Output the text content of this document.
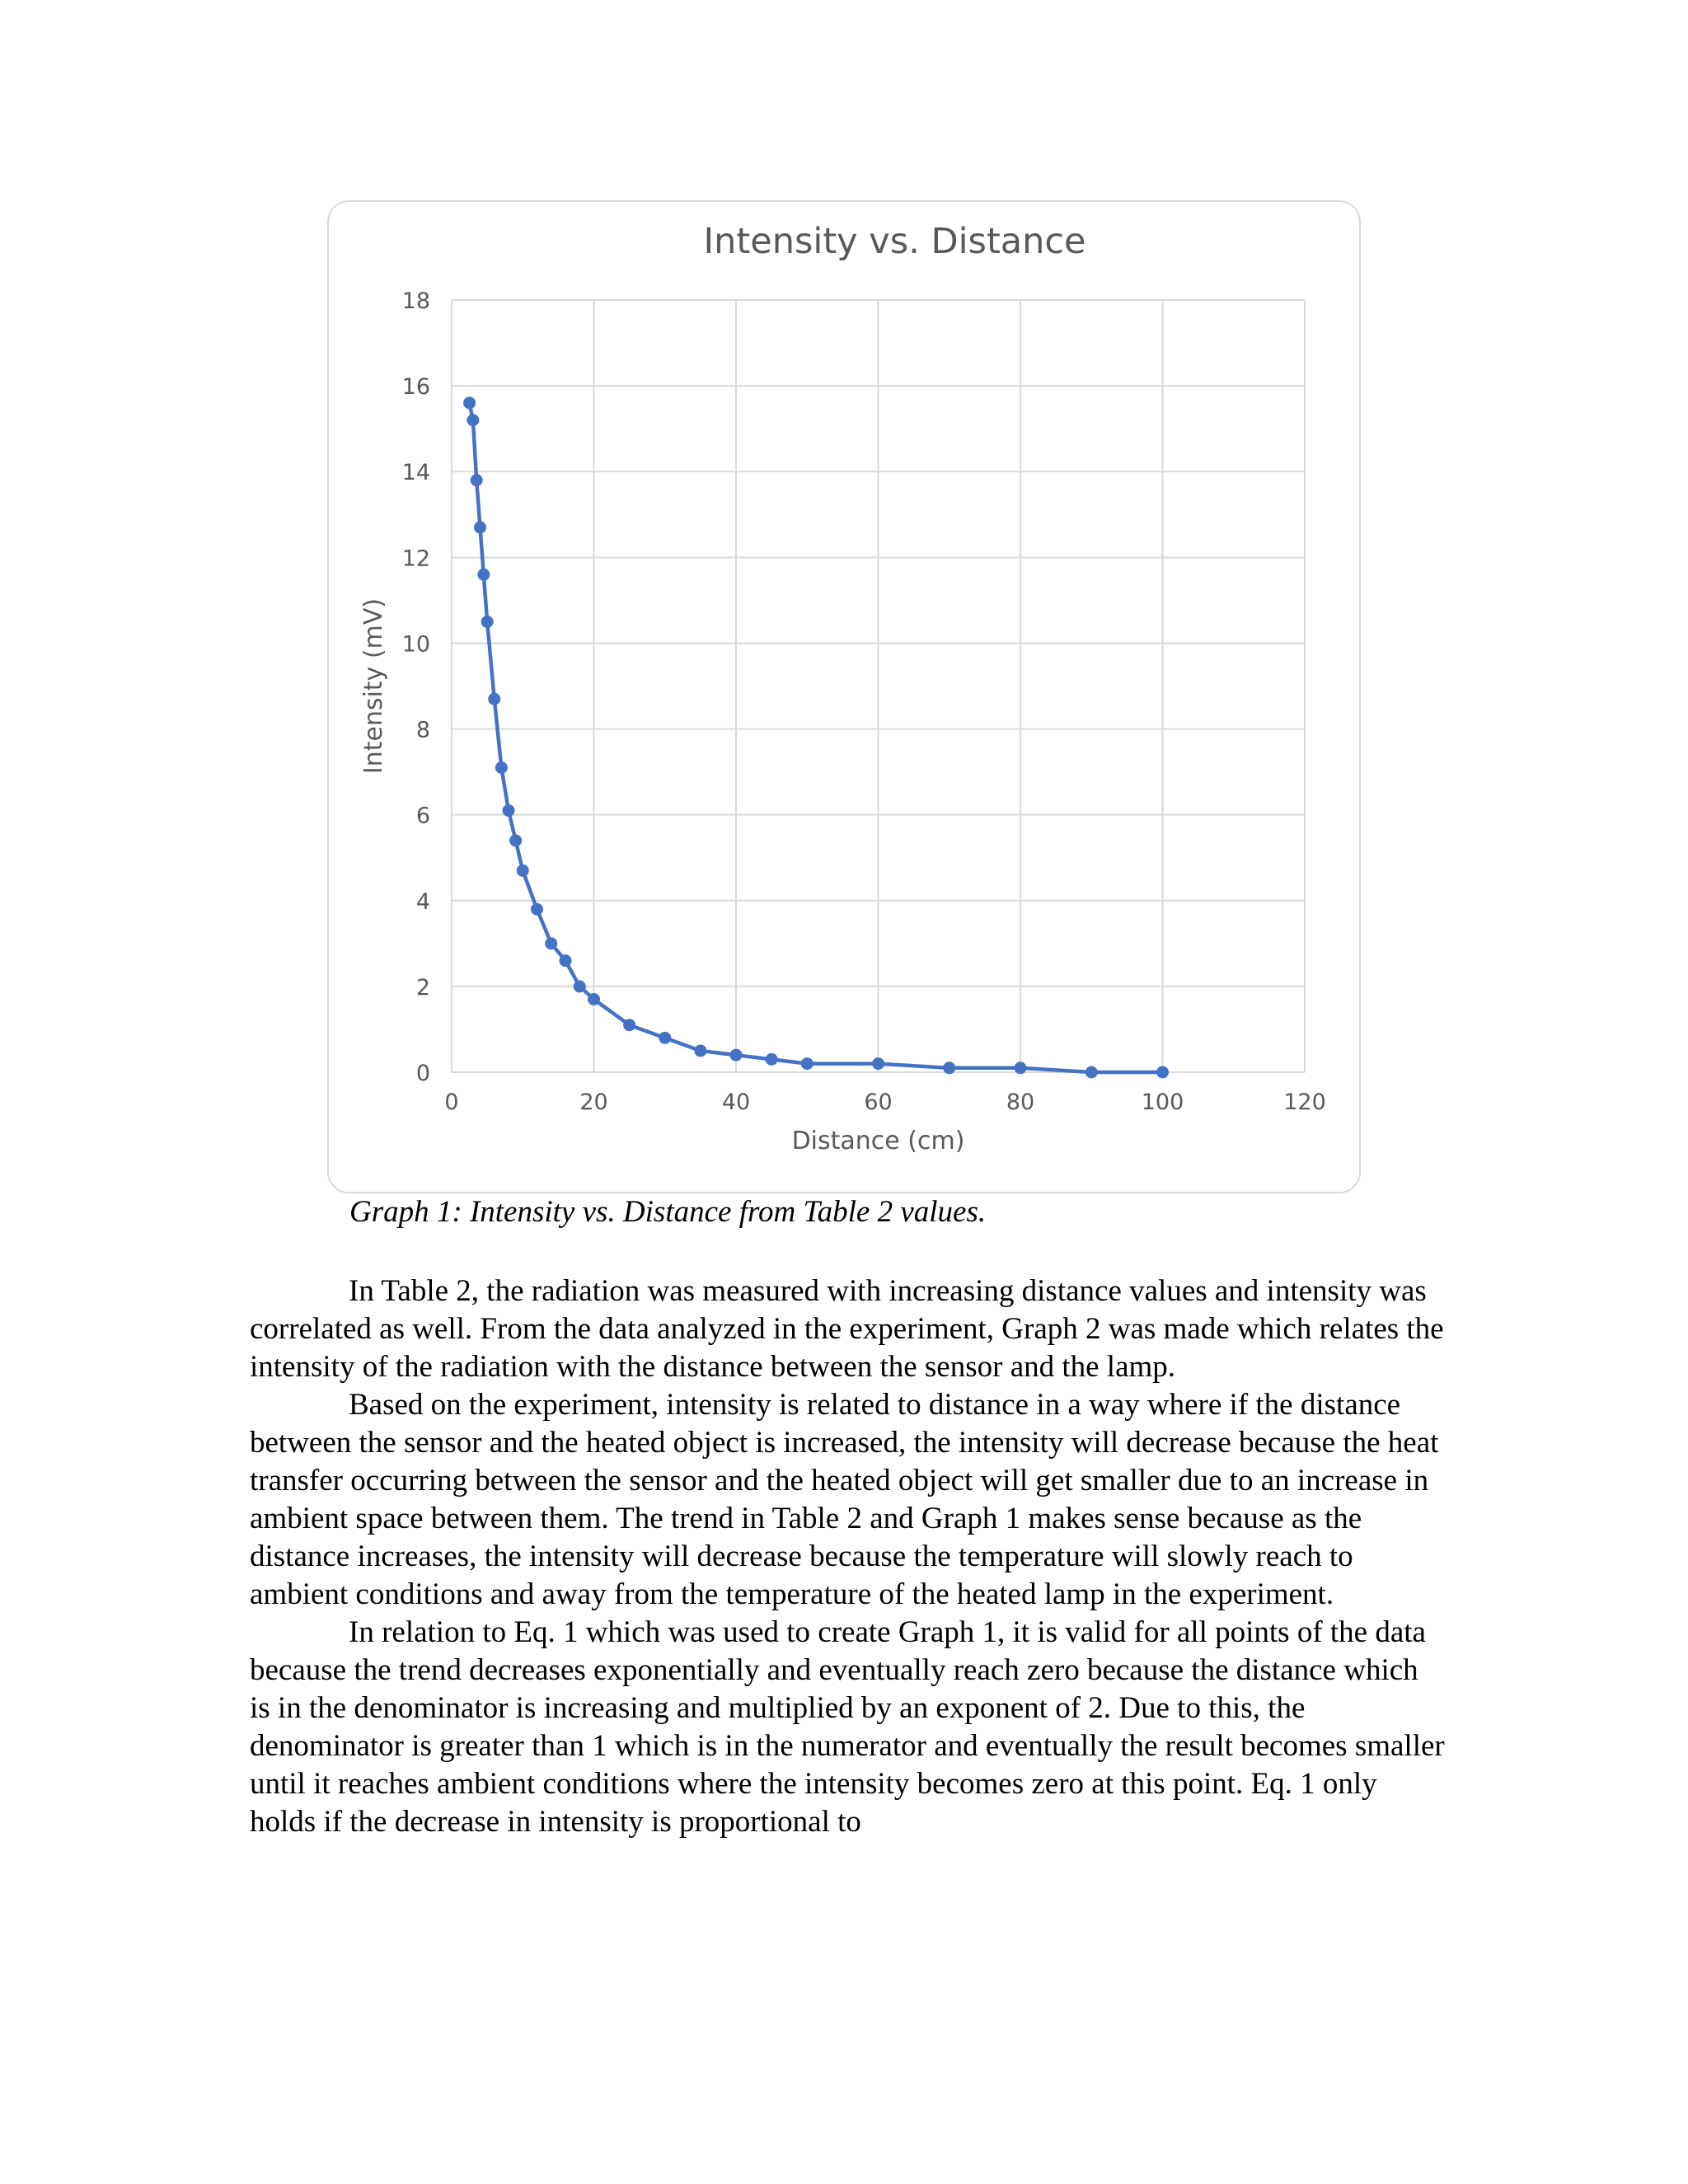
Intensity vs. Distance
0
2
4
6
8
10
12
14
16
18
0	20	40	60	80	100	120
Distance (cm)
Intensity (mV)
Graph 1: Intensity vs. Distance from Table 2 values.

In Table 2, the radiation was measured with increasing distance values and intensity was correlated as well. From the data analyzed in the experiment, Graph 2 was made which relates the intensity of the radiation with the distance between the sensor and the lamp.

Based on the experiment, intensity is related to distance in a way where if the distance between the sensor and the heated object is increased, the intensity will decrease because the heat transfer occurring between the sensor and the heated object will get smaller due to an increase in ambient space between them. The trend in Table 2 and Graph 1 makes sense because as the distance increases, the intensity will decrease because the temperature will slowly reach to ambient conditions and away from the temperature of the heated lamp in the experiment.

In relation to Eq. 1 which was used to create Graph 1, it is valid for all points of the data because the trend decreases exponentially and eventually reach zero because the distance which is in the denominator is increasing and multiplied by an exponent of 2. Due to this, the denominator is greater than 1 which is in the numerator and eventually the result becomes smaller until it reaches ambient conditions where the intensity becomes zero at this point. Eq. 1 only holds if the decrease in intensity is proportional to
